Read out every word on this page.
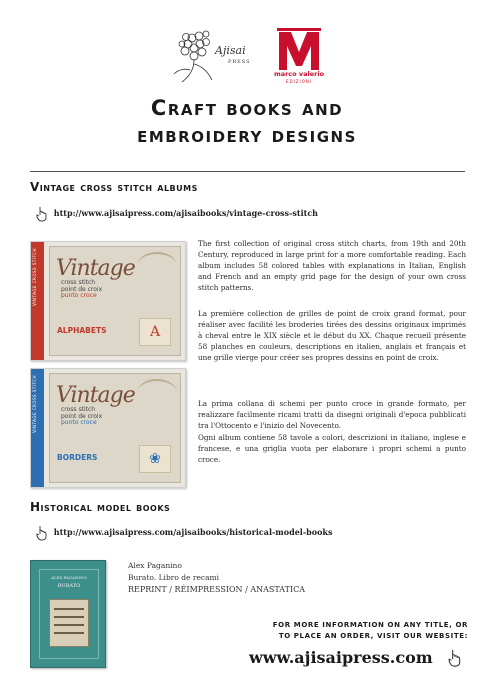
Ajisai
PRESS
marco valerio
EDIZIONI
Craft books and
embroidery designs
Vintage cross stitch albums
http://www.ajisaipress.com/ajisaibooks/vintage-cross-stitch
VINTAGE CROSS STITCH Vintage
cross stitch
point de croix
punto croce
ALPHABETS	A
VINTAGE CROSS STITCH Vintage
cross stitch
point de croix
punto croce
BORDERS	❀
The first collection of original cross stitch charts, from 19th and 20th Century, reproduced in large print for a more comfortable reading. Each album includes 58 colored tables with explanations in Italian, English and French and an empty grid page for the design of your own cross stitch patterns.
La première collection de grilles de point de croix grand format, pour réaliser avec facilité les broderies tirées des dessins originaux imprimés à cheval entre le XIX siècle et le début du XX. Chaque recueil présente 58 planches en couleurs, descriptions en italien, anglais et français et une grille vierge pour créer ses propres dessins en point de croix.
La prima collana di schemi per punto croce in grande formato, per realizzare facilmente ricami tratti da disegni originali d'epoca pubblicati tra l'Ottocento e l'inizio del Novecento.
Ogni album contiene 58 tavole a colori, descrizioni in italiano, inglese e francese, e una griglia vuota per elaborare i propri schemi a punto croce.
Historical model books
http://www.ajisaipress.com/ajisaibooks/historical-model-books
ALEX PAGANINO
BURATO
Alex Paganino
Burato. Libro de recami
REPRINT / RÉIMPRESSION / ANASTATICA
FOR MORE INFORMATION ON ANY TITLE, OR
TO PLACE AN ORDER, VISIT OUR WEBSITE:
www.ajisaipress.com
